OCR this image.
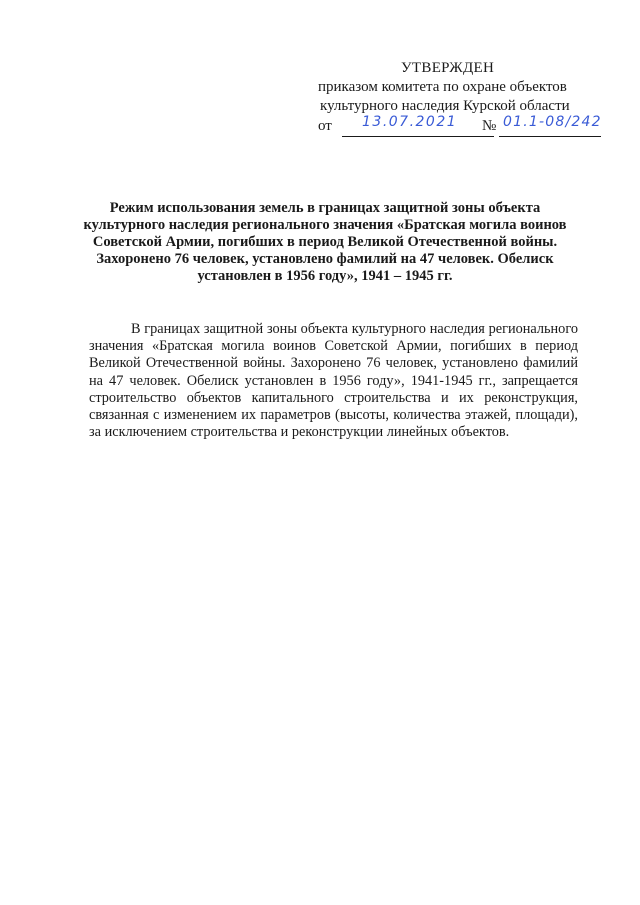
УТВЕРЖДЕН
приказом комитета по охране объектов
культурного наследия Курской области
от 13.07.2021 № 01.1-08/242
Режим использования земель в границах защитной зоны объекта культурного наследия регионального значения «Братская могила воинов Советской Армии, погибших в период Великой Отечественной войны. Захоронено 76 человек, установлено фамилий на 47 человек. Обелиск установлен в 1956 году», 1941 – 1945 гг.
В границах защитной зоны объекта культурного наследия регионального значения «Братская могила воинов Советской Армии, погибших в период Великой Отечественной войны. Захоронено 76 человек, установлено фамилий на 47 человек. Обелиск установлен в 1956 году», 1941-1945 гг., запрещается строительство объектов капитального строительства и их реконструкция, связанная с изменением их параметров (высоты, количества этажей, площади), за исключением строительства и реконструкции линейных объектов.
